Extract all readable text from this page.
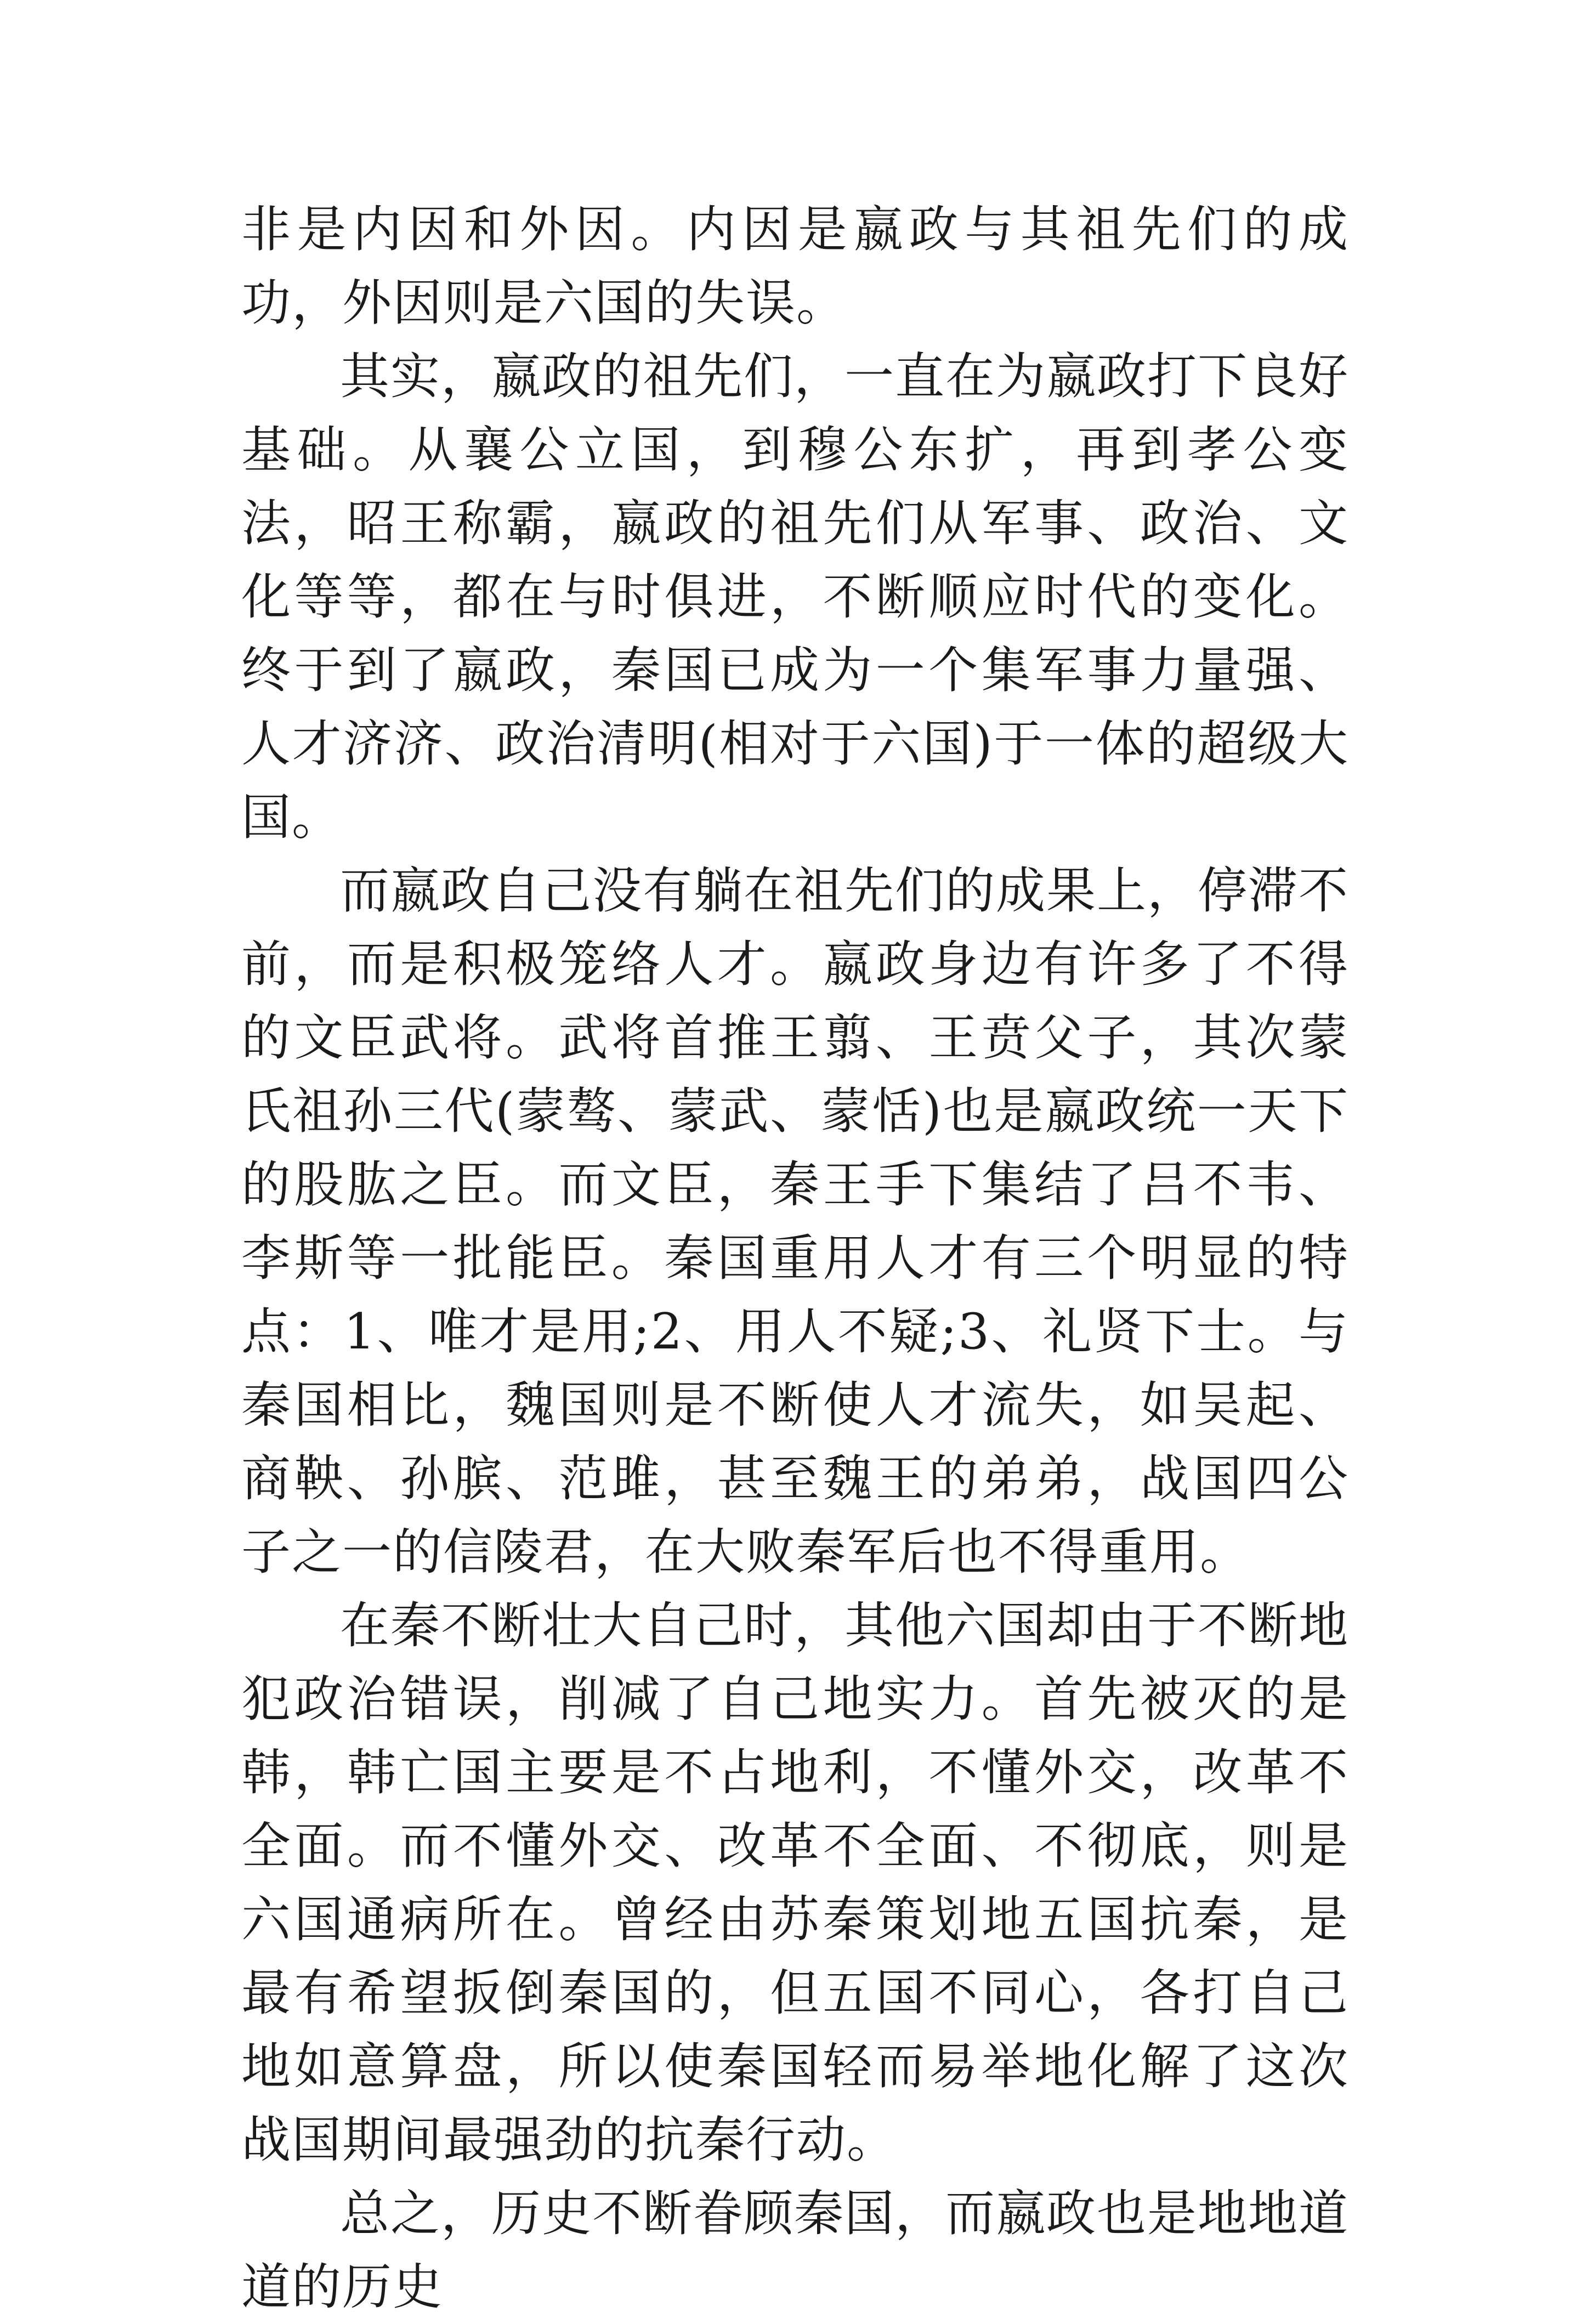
非是内因和外因。内因是嬴政与其祖先们的成功，外因则是六国的失误。

其实，嬴政的祖先们，一直在为嬴政打下良好基础。从襄公立国，到穆公东扩，再到孝公变法，昭王称霸，嬴政的祖先们从军事、政治、文化等等，都在与时俱进，不断顺应时代的变化。终于到了嬴政，秦国已成为一个集军事力量强、人才济济、政治清明(相对于六国)于一体的超级大国。

而嬴政自己没有躺在祖先们的成果上，停滞不前，而是积极笼络人才。嬴政身边有许多了不得的文臣武将。武将首推王翦、王贲父子，其次蒙氏祖孙三代(蒙骜、蒙武、蒙恬)也是嬴政统一天下的股肱之臣。而文臣，秦王手下集结了吕不韦、李斯等一批能臣。秦国重用人才有三个明显的特点：1、唯才是用;2、用人不疑;3、礼贤下士。与秦国相比，魏国则是不断使人才流失，如吴起、商鞅、孙膑、范雎，甚至魏王的弟弟，战国四公子之一的信陵君，在大败秦军后也不得重用。

在秦不断壮大自己时，其他六国却由于不断地犯政治错误，削减了自己地实力。首先被灭的是韩，韩亡国主要是不占地利，不懂外交，改革不全面。而不懂外交、改革不全面、不彻底，则是六国通病所在。曾经由苏秦策划地五国抗秦，是最有希望扳倒秦国的，但五国不同心，各打自己地如意算盘，所以使秦国轻而易举地化解了这次战国期间最强劲的抗秦行动。

总之，历史不断眷顾秦国，而嬴政也是地地道道的历史
